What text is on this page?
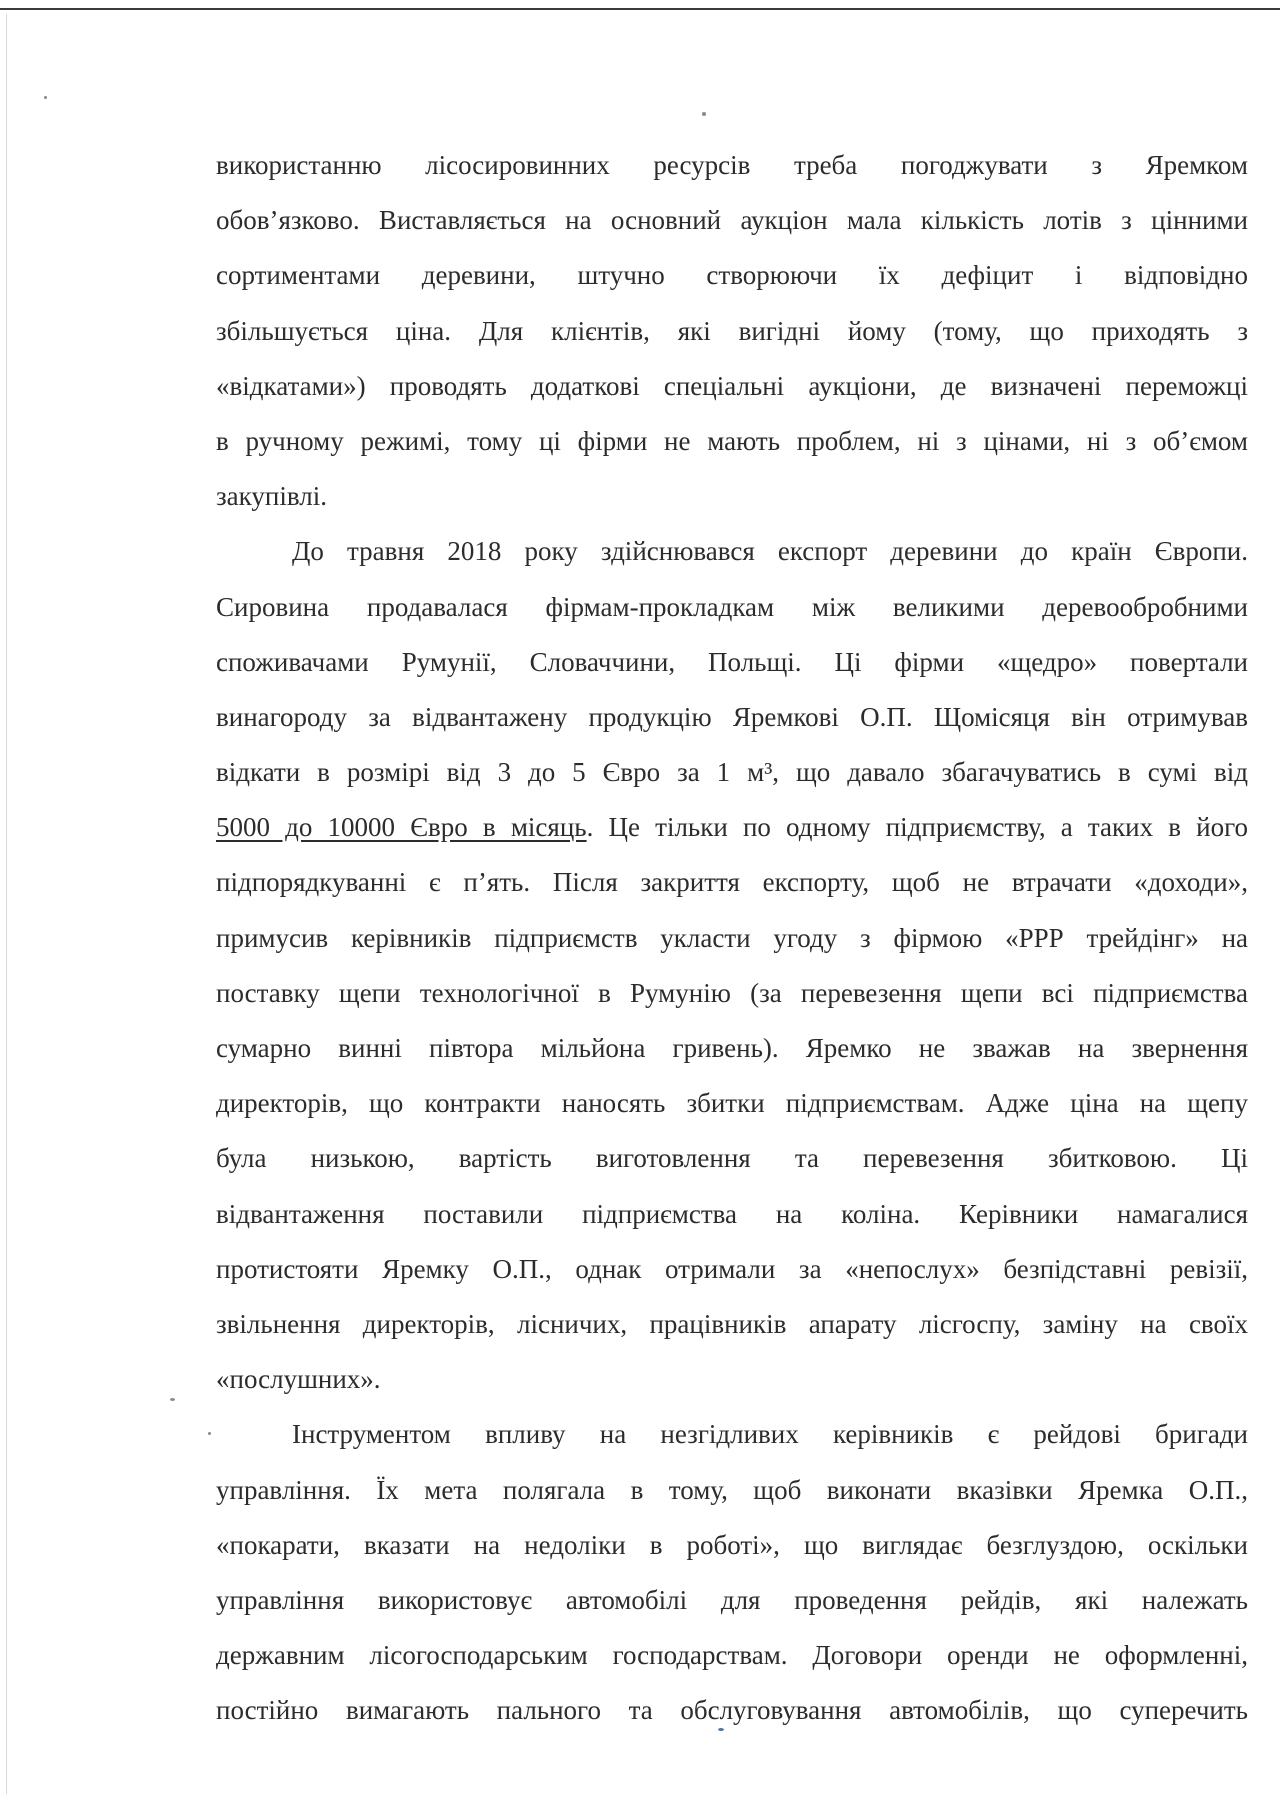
використанню лісосировинних ресурсів треба погоджувати з Яремком
обов’язково. Виставляється на основний аукціон мала кількість лотів з цінними
сортиментами деревини, штучно створюючи їх дефіцит і відповідно
збільшується ціна. Для клієнтів, які вигідні йому (тому, що приходять з
«відкатами») проводять додаткові спеціальні аукціони, де визначені переможці
в ручному режимі, тому ці фірми не мають проблем, ні з цінами, ні з об’ємом
закупівлі.
До травня 2018 року здійснювався експорт деревини до країн Європи.
Сировина продавалася фірмам-прокладкам між великими деревообробними
споживачами Румунії, Словаччини, Польщі. Ці фірми «щедро» повертали
винагороду за відвантажену продукцію Яремкові О.П. Щомісяця він отримував
відкати в розмірі від 3 до 5 Євро за 1 м³, що давало збагачуватись в сумі від
5000 до 10000 Євро в місяць. Це тільки по одному підприємству, а таких в його
підпорядкуванні є п’ять. Після закриття експорту, щоб не втрачати «доходи»,
примусив керівників підприємств укласти угоду з фірмою «РРР трейдінг» на
поставку щепи технологічної в Румунію (за перевезення щепи всі підприємства
сумарно винні півтора мільйона гривень). Яремко не зважав на звернення
директорів, що контракти наносять збитки підприємствам. Адже ціна на щепу
була низькою, вартість виготовлення та перевезення збитковою. Ці
відвантаження поставили підприємства на коліна. Керівники намагалися
протистояти Яремку О.П., однак отримали за «непослух» безпідставні ревізії,
звільнення директорів, лісничих, працівників апарату лісгоспу, заміну на своїх
«послушних».
Інструментом впливу на незгідливих керівників є рейдові бригади
управління. Їх мета полягала в тому, щоб виконати вказівки Яремка О.П.,
«покарати, вказати на недоліки в роботі», що виглядає безглуздою, оскільки
управління використовує автомобілі для проведення рейдів, які належать
державним лісогосподарським господарствам. Договори оренди не оформленні,
постійно вимагають пального та обслуговування автомобілів, що суперечить
